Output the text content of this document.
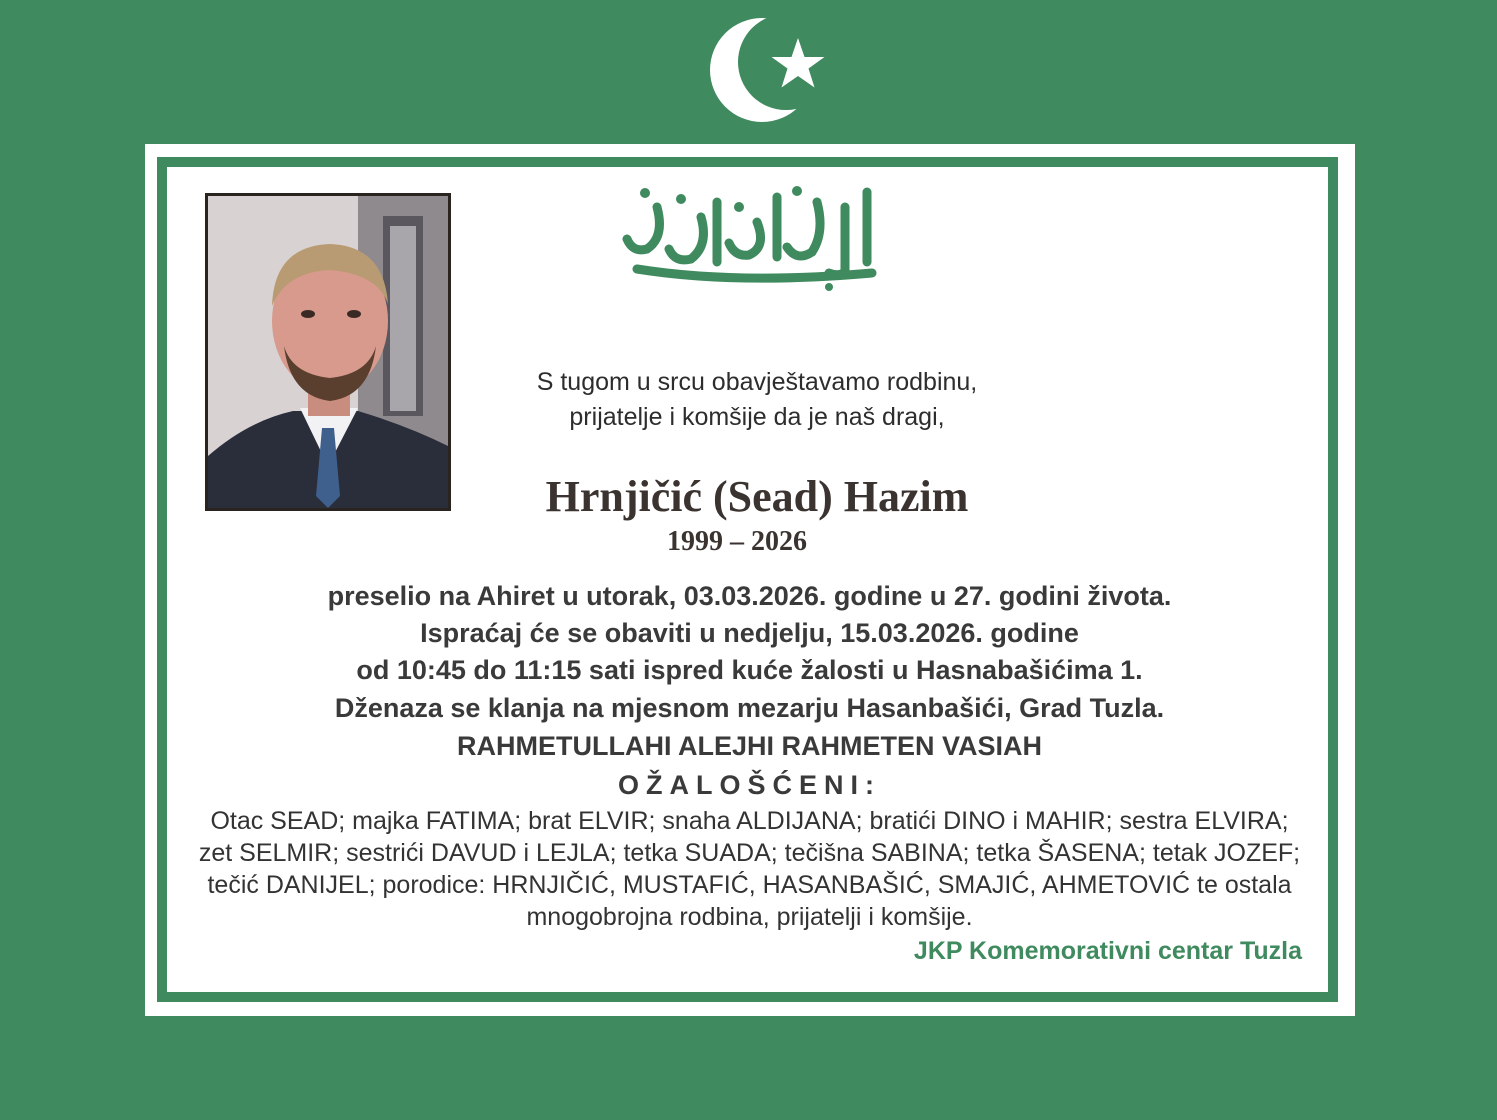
S tugom u srcu obavještavamo rodbinu,
prijatelje i komšije da je naš dragi,
Hrnjičić (Sead) Hazim
1999 – 2026
preselio na Ahiret u utorak, 03.03.2026. godine u 27. godini života.
Ispraćaj će se obaviti u nedjelju, 15.03.2026. godine
od 10:45 do 11:15 sati ispred kuće žalosti u Hasnabašićima 1.
Dženaza se klanja na mjesnom mezarju Hasanbašići, Grad Tuzla.
RAHMETULLAHI ALEJHI RAHMETEN VASIAH
OŽALOŠĆENI:
Otac SEAD; majka FATIMA; brat ELVIR; snaha ALDIJANA; bratići DINO i MAHIR; sestra ELVIRA; zet SELMIR; sestrići DAVUD i LEJLA; tetka SUADA; tečišna SABINA; tetka ŠASENA; tetak JOZEF; tečić DANIJEL; porodice: HRNJIČIĆ, MUSTAFIĆ, HASANBAŠIĆ, SMAJIĆ, AHMETOVIĆ te ostala mnogobrojna rodbina, prijatelji i komšije.
JKP Komemorativni centar Tuzla
